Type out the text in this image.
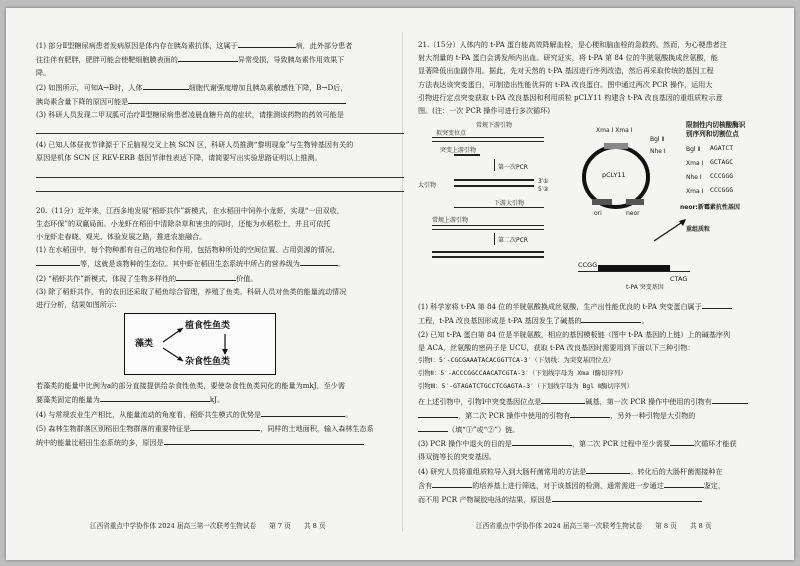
(1) 部分Ⅱ型糖尿病患者发病原因是体内存在胰岛素抗体，这属于	病，此外部分患者

往往伴有肥胖，肥胖可能会使靶细胞膜表面的	异常受损，导致胰岛素作用效果下

降。

(2) 如图所示，可知A→B时，人体	细胞代谢强度增加且胰岛素敏感性下降，B→D后，

胰岛素含量下降的原因可能是

(3) 科研人员发现二甲双胍可治疗Ⅱ型糖尿病患者凌晨血糖升高的症状，请推测该药物的药效可能是

(4) 已知人体昼夜节律源于下丘脑视交叉上核 SCN 区，科研人员推测“黎明现象”与生物钟基因有关的

原因是机体 SCN 区 REV-ERB 基因节律性表达下降，请简要写出实验思路证明以上推测。

20.（11分）近年来，江西多地发展“稻虾共作”新模式，在水稻田中饲养小龙虾，实现“一田双收，

生态环保”的双赢局面。小龙虾在稻田中清除杂草和害虫的同时，还能为水稻松土，并且可依托

小龙虾走春晓、观光、体验发展之路，推进农旅融合。

(1) 在水稻田中，每个物种都有自己的地位和作用，包括物种所处的空间位置、占用资源的情况、

等，这就是该物种的生态位。其中虾在稻田生态系统中所占的营养级为	。

(2) “稻虾共作”新模式，体现了生物多样性的	价值。

(3) 除了稻虾共作，有的农田还采取了稻鱼综合管理，养殖了鱼类，科研人员对鱼类的能量流动情况

进行分析，结果如图所示：

植食性鱼类
藻类
杂食性鱼类

若藻类的能量中比例为a的部分直接提供给杂食性鱼类，要使杂食性鱼类同化的能量为mkJ，至少需

要藻类固定的能量为	kJ。

(4) 与常规农业生产相比，从能量流动的角度看，稻虾共生模式的优势是	。

(5) 森林生物群落区别稻田生物群落的重要特征是	，同样的土地面积，输入森林生态系

统中的能量比稻田生态系统的多，原因是

21.（15分）人体内的 t-PA 蛋白能高效降解血栓，是心梗和脑血栓的急救药。然而，为心梗患者注

射大剂量的 t-PA 蛋白会诱发颅内出血。研究证实，将 t-PA 第 84 位的半胱氨酸换成丝氨酸，能

显著降低出血副作用。据此，先对天然的 t-PA 基因进行序列改造，然后再采取传统的基因工程

方法表达该突变蛋白，可制造出性能优异的 t-PA 改良蛋白。图中通过两次 PCR 操作，运用大

引物进行定点突变获取 t-PA 改良基因和利用质粒 pCLY11 构建含 t-PA 改良基因的重组质粒示意

图。(注：一次 PCR 操作可进行多次循环)

常规下游引物
拟突变位点
突变上游引物
第一次PCR
大引物
3′①
5′②
下游大引物
常规上游引物
第二次PCR
CCGG
CTAG
t-PA 突变基因
Xma Ⅰ Xma Ⅰ
Bgl Ⅱ
Nhe Ⅰ
pCLY11
ori	neor
限制性内切核酸酶识
别序列和切割位点
Bgl Ⅱ AGATCT
Xma Ⅰ GCTAGC
Nhe Ⅰ CCCGGG
Xma Ⅰ CCCGGG
neor:新霉素抗性基因
重组质粒

(1) 科学家将 t-PA 第 84 位的半胱氨酸换成丝氨酸，生产出性能优良的 t-PA 突变蛋白属于

工程，t-PA 改良基因形成是 t-PA 基因发生了碱基的	。

(2) 已知 t-PA 蛋白第 84 位是半胱氨酸，相应的基因模板链（图中 t-PA 基因的上链）上的碱基序列

是 ACA，丝氨酸的密码子是 UCU，获取 t-PA 改良基因时需要用到下面以下三种引物：

引物Ⅰ：5′-CGCGAAATACACGGTTCA-3′（下划线：为突变基因位点）

引物Ⅱ：5′-ACCCGGCCAACATCGTA-3′（下划线字母为 Xma Ⅰ酶切序列）

引物Ⅲ：5′-GTAGATCTGCCTCGAGTA-3′（下划线字母为 Bgl Ⅱ酶切序列）

在上述引物中，引物Ⅰ中突变基因位点是	碱基，第一次 PCR 操作中使用的引物有

，第二次 PCR 操作中使用的引物有	，另外一种引物是大引物的

（填“①”或“②”）链。

(3) PCR 操作中退火的目的是	，第二次 PCR 过程中至少需要	次循环才能获

得双链等长的突变基因。

(4) 研究人员将重组质粒导入到大肠杆菌常用的方法是	。转化后的大肠杆菌需接种在

含有	的培养基上进行筛选，对于该基因的检测，通常需进一步通过	鉴定，

而不用 PCR 产物凝胶电泳的结果，原因是

江西省重点中学协作体 2024 届高三第一次联考生物试卷　　第 7 页　　共 8 页	江西省重点中学协作体 2024 届高三第一次联考生物试卷　　第 8 页　　共 8 页
